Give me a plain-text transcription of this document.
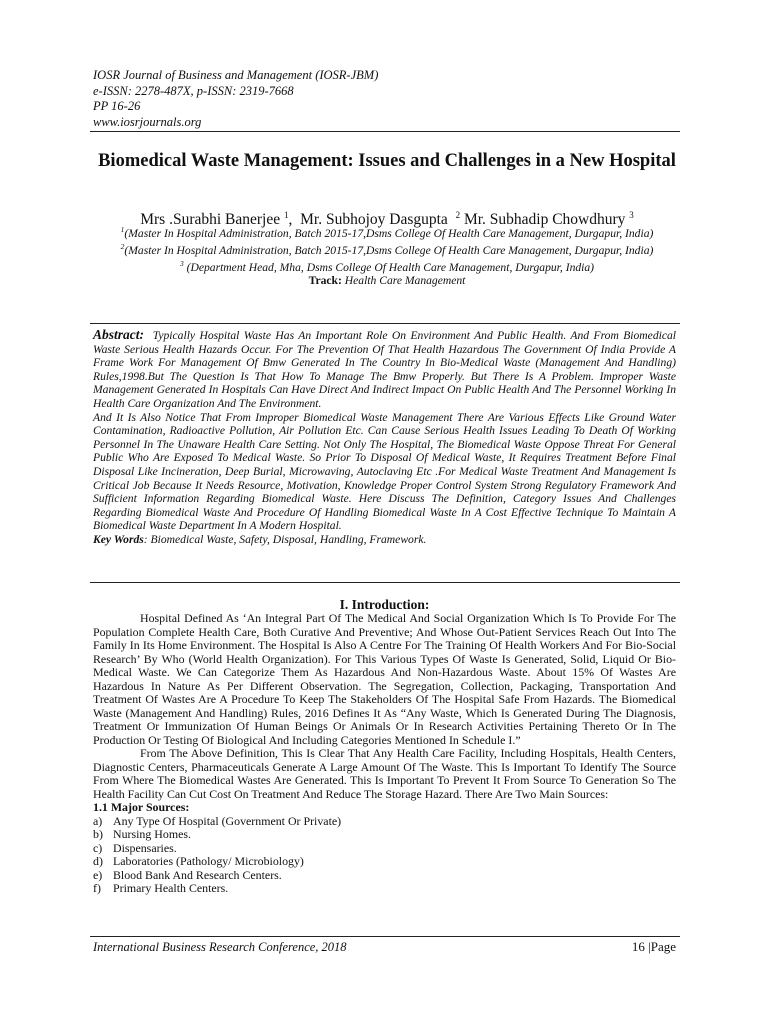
IOSR Journal of Business and Management (IOSR-JBM)
e-ISSN: 2278-487X, p-ISSN: 2319-7668
PP 16-26
www.iosrjournals.org
Biomedical Waste Management: Issues and Challenges in a New Hospital
Mrs .Surabhi Banerjee $^1$,  Mr. Subhojoy Dasgupta $^2$ Mr. Subhadip Chowdhury $^3$
$^1$(Master In Hospital Administration, Batch 2015-17,Dsms College Of Health Care Management, Durgapur, India)
$^2$(Master In Hospital Administration, Batch 2015-17,Dsms College Of Health Care Management, Durgapur, India)
$^3$ (Department Head, Mha, Dsms College Of Health Care Management, Durgapur, India)
Track: Health Care Management

Abstract: Typically Hospital Waste Has An Important Role On Environment And Public Health. And From Biomedical Waste Serious Health Hazards Occur. For The Prevention Of That Health Hazardous The Government Of India Provide A Frame Work For Management Of Bmw Generated In The Country In Bio-Medical Waste (Management And Handling) Rules,1998.But The Question Is That How To Manage The Bmw Properly. But There Is A Problem. Improper Waste Management Generated In Hospitals Can Have Direct And Indirect Impact On Public Health And The Personnel Working In Health Care Organization And The Environment.

And It Is Also Notice That From Improper Biomedical Waste Management There Are Various Effects Like Ground Water Contamination, Radioactive Pollution, Air Pollution Etc. Can Cause Serious Health Issues Leading To Death Of Working Personnel In The Unaware Health Care Setting. Not Only The Hospital, The Biomedical Waste Oppose Threat For General Public Who Are Exposed To Medical Waste. So Prior To Disposal Of Medical Waste, It Requires Treatment Before Final Disposal Like Incineration, Deep Burial, Microwaving, Autoclaving Etc .For Medical Waste Treatment And Management Is Critical Job Because It Needs Resource, Motivation, Knowledge Proper Control System Strong Regulatory Framework And Sufficient Information Regarding Biomedical Waste. Here Discuss The Definition, Category Issues And Challenges Regarding Biomedical Waste And Procedure Of Handling Biomedical Waste In A Cost Effective Technique To Maintain A Biomedical Waste Department In A Modern Hospital.

Key Words: Biomedical Waste, Safety, Disposal, Handling, Framework.

I. Introduction:

Hospital Defined As ‘An Integral Part Of The Medical And Social Organization Which Is To Provide For The Population Complete Health Care, Both Curative And Preventive; And Whose Out-Patient Services Reach Out Into The Family In Its Home Environment. The Hospital Is Also A Centre For The Training Of Health Workers And For Bio-Social Research’ By Who (World Health Organization). For This Various Types Of Waste Is Generated, Solid, Liquid Or Bio-Medical Waste. We Can Categorize Them As Hazardous And Non-Hazardous Waste. About 15% Of Wastes Are Hazardous In Nature As Per Different Observation. The Segregation, Collection, Packaging, Transportation And Treatment Of Wastes Are A Procedure To Keep The Stakeholders Of The Hospital Safe From Hazards. The Biomedical Waste (Management And Handling) Rules, 2016 Defines It As “Any Waste, Which Is Generated During The Diagnosis, Treatment Or Immunization Of Human Beings Or Animals Or In Research Activities Pertaining Thereto Or In The Production Or Testing Of Biological And Including Categories Mentioned In Schedule I.”

From The Above Definition, This Is Clear That Any Health Care Facility, Including Hospitals, Health Centers, Diagnostic Centers, Pharmaceuticals Generate A Large Amount Of The Waste. This Is Important To Identify The Source From Where The Biomedical Wastes Are Generated. This Is Important To Prevent It From Source To Generation So The Health Facility Can Cut Cost On Treatment And Reduce The Storage Hazard. There Are Two Main Sources:

1.1 Major Sources:
a) Any Type Of Hospital (Government Or Private)
b) Nursing Homes.
c) Dispensaries.
d) Laboratories (Pathology/ Microbiology)
e) Blood Bank And Research Centers.
f)	Primary Health Centers.
International Business Research Conference, 2018	16 |Page
